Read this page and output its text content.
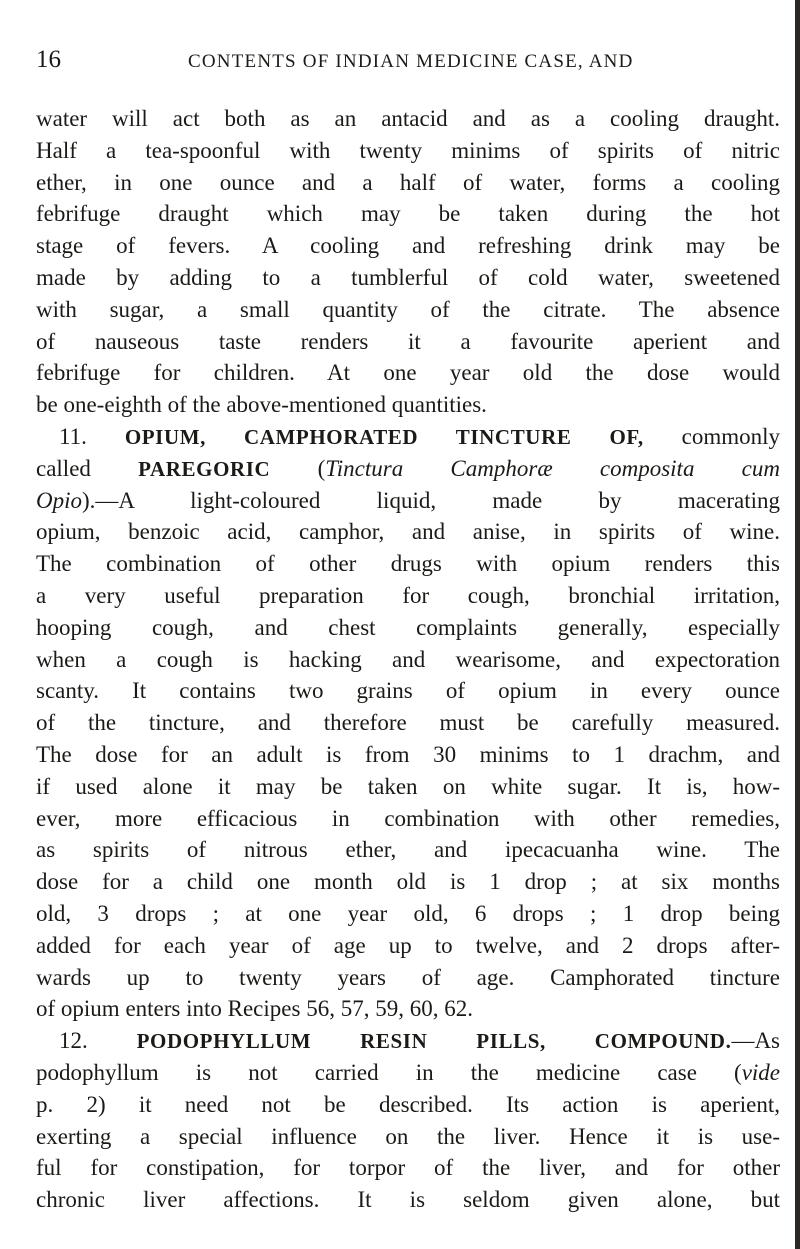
16	CONTENTS OF INDIAN MEDICINE CASE, AND
water will act both as an antacid and as a cooling draught.
Half a tea-spoonful with twenty minims of spirits of nitric
ether, in one ounce and a half of water, forms a cooling
febrifuge draught which may be taken during the hot
stage of fevers. A cooling and refreshing drink may be
made by adding to a tumblerful of cold water, sweetened
with sugar, a small quantity of the citrate. The absence
of nauseous taste renders it a favourite aperient and
febrifuge for children. At one year old the dose would
be one-eighth of the above-mentioned quantities.
11. OPIUM, CAMPHORATED TINCTURE OF, commonly
called PAREGORIC (Tinctura Camphoræ composita cum
Opio).—A light-coloured liquid, made by macerating
opium, benzoic acid, camphor, and anise, in spirits of wine.
The combination of other drugs with opium renders this
a very useful preparation for cough, bronchial irritation,
hooping cough, and chest complaints generally, especially
when a cough is hacking and wearisome, and expectoration
scanty. It contains two grains of opium in every ounce
of the tincture, and therefore must be carefully measured.
The dose for an adult is from 30 minims to 1 drachm, and
if used alone it may be taken on white sugar. It is, how-
ever, more efficacious in combination with other remedies,
as spirits of nitrous ether, and ipecacuanha wine. The
dose for a child one month old is 1 drop ; at six months
old, 3 drops ; at one year old, 6 drops ; 1 drop being
added for each year of age up to twelve, and 2 drops after-
wards up to twenty years of age. Camphorated tincture
of opium enters into Recipes 56, 57, 59, 60, 62.
12. PODOPHYLLUM RESIN PILLS, COMPOUND.—As
podophyllum is not carried in the medicine case (vide
p. 2) it need not be described. Its action is aperient,
exerting a special influence on the liver. Hence it is use-
ful for constipation, for torpor of the liver, and for other
chronic liver affections. It is seldom given alone, but
